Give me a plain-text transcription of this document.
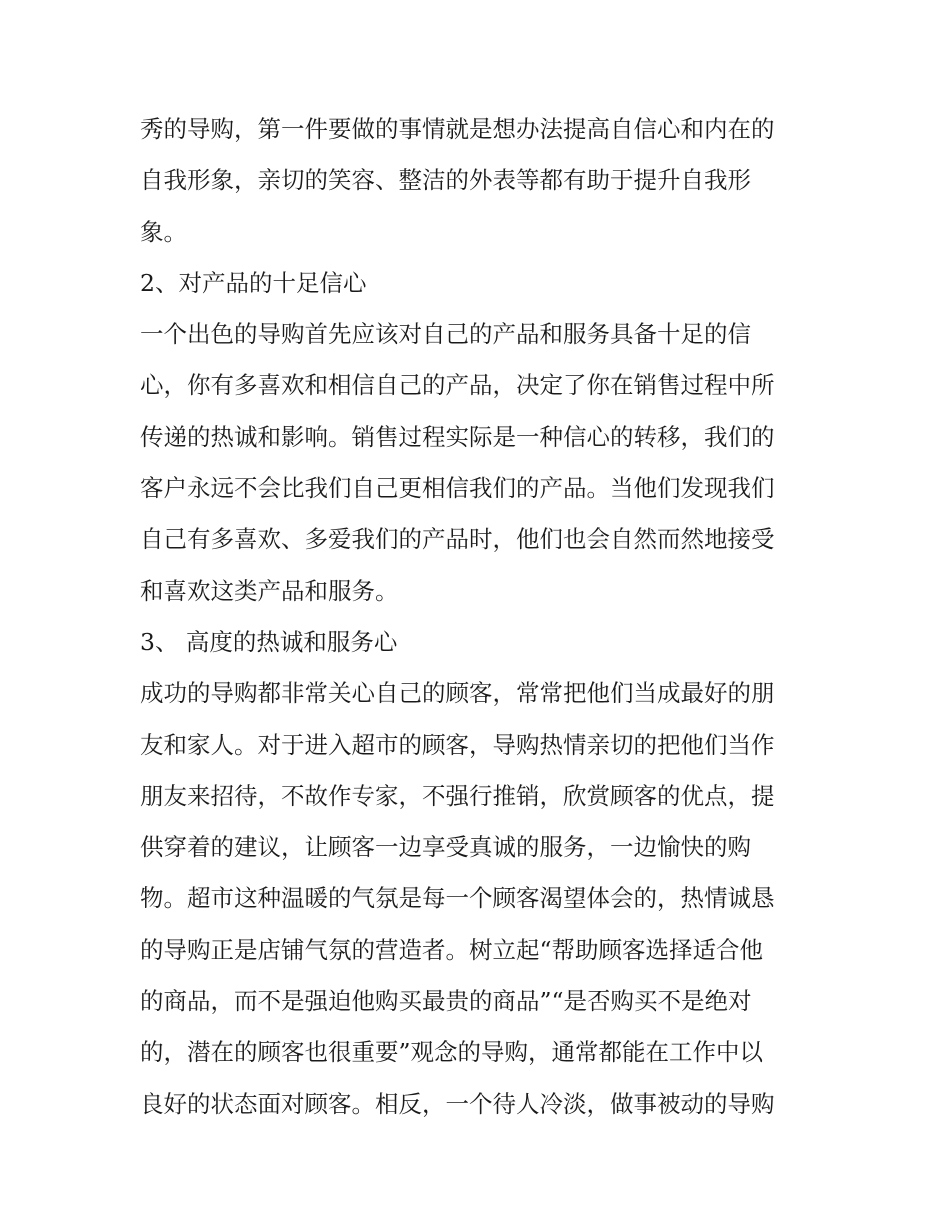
秀的导购，第一件要做的事情就是想办法提高自信心和内在的
自我形象，亲切的笑容、整洁的外表等都有助于提升自我形
象。
2、对产品的十足信心
一个出色的导购首先应该对自己的产品和服务具备十足的信
心，你有多喜欢和相信自己的产品，决定了你在销售过程中所
传递的热诚和影响。销售过程实际是一种信心的转移，我们的
客户永远不会比我们自己更相信我们的产品。当他们发现我们
自己有多喜欢、多爱我们的产品时，他们也会自然而然地接受
和喜欢这类产品和服务。
3、 高度的热诚和服务心
成功的导购都非常关心自己的顾客，常常把他们当成最好的朋
友和家人。对于进入超市的顾客，导购热情亲切的把他们当作
朋友来招待，不故作专家，不强行推销，欣赏顾客的优点，提
供穿着的建议，让顾客一边享受真诚的服务，一边愉快的购
物。超市这种温暖的气氛是每一个顾客渴望体会的，热情诚恳
的导购正是店铺气氛的营造者。树立起“帮助顾客选择适合他
的商品，而不是强迫他购买最贵的商品”“是否购买不是绝对
的，潜在的顾客也很重要”观念的导购，通常都能在工作中以
良好的状态面对顾客。相反，一个待人冷淡，做事被动的导购
